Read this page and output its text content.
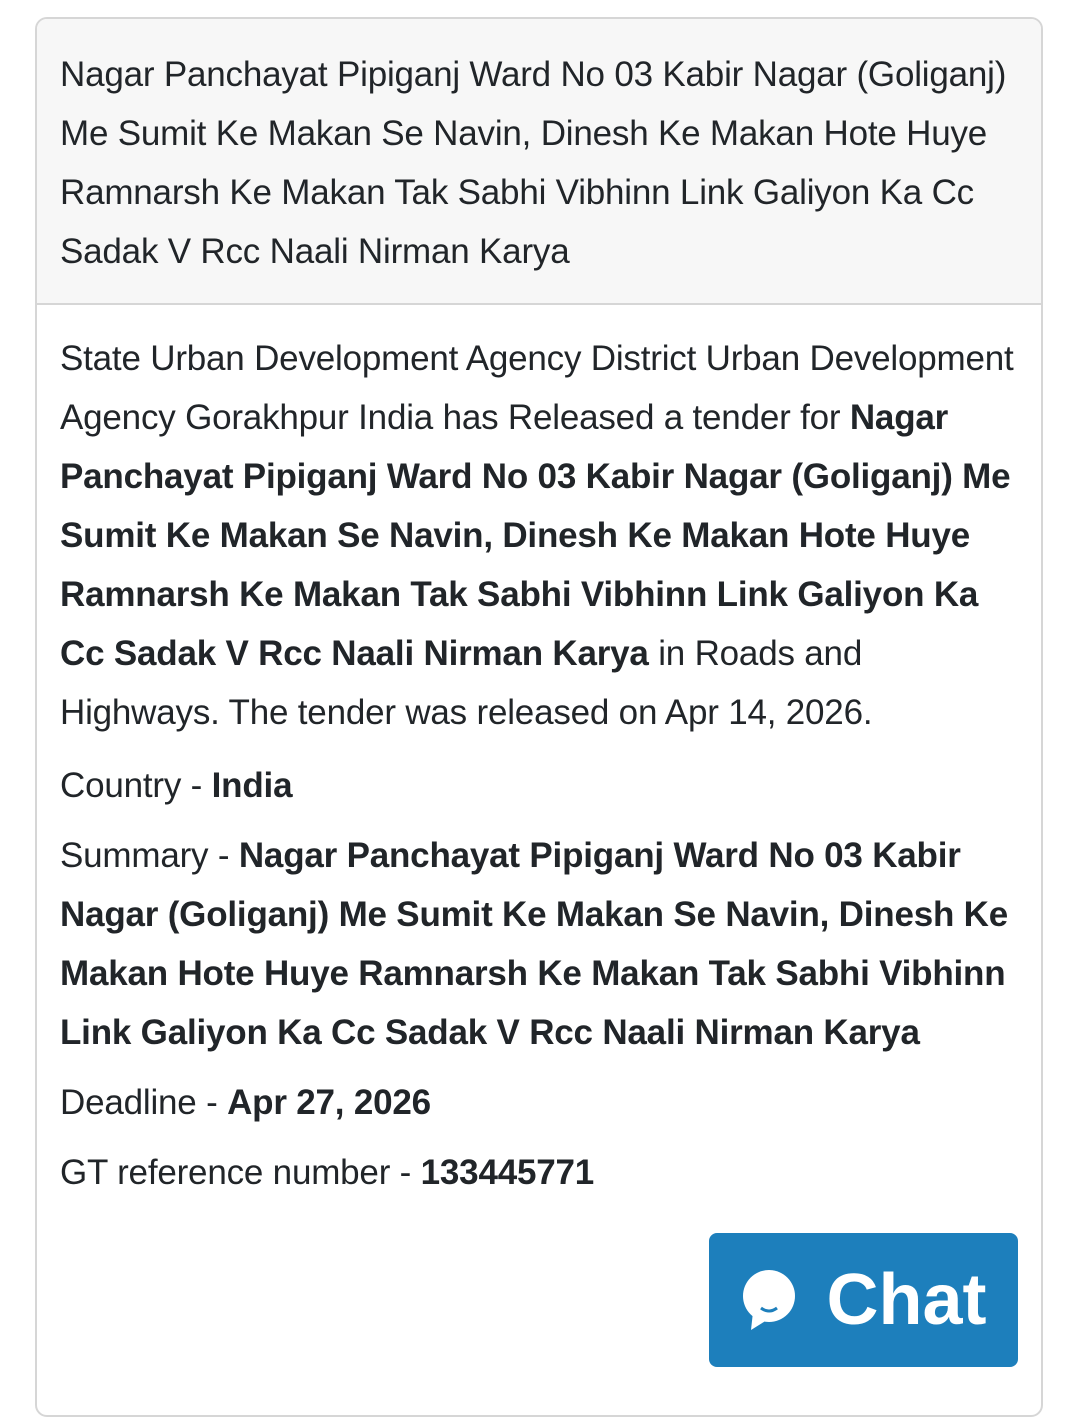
Nagar Panchayat Pipiganj Ward No 03 Kabir Nagar (Goliganj) Me Sumit Ke Makan Se Navin, Dinesh Ke Makan Hote Huye Ramnarsh Ke Makan Tak Sabhi Vibhinn Link Galiyon Ka Cc Sadak V Rcc Naali Nirman Karya

State Urban Development Agency District Urban Development Agency Gorakhpur India has Released a tender for Nagar Panchayat Pipiganj Ward No 03 Kabir Nagar (Goliganj) Me Sumit Ke Makan Se Navin, Dinesh Ke Makan Hote Huye Ramnarsh Ke Makan Tak Sabhi Vibhinn Link Galiyon Ka Cc Sadak V Rcc Naali Nirman Karya in Roads and Highways. The tender was released on Apr 14, 2026.

Country - India

Summary - Nagar Panchayat Pipiganj Ward No 03 Kabir Nagar (Goliganj) Me Sumit Ke Makan Se Navin, Dinesh Ke Makan Hote Huye Ramnarsh Ke Makan Tak Sabhi Vibhinn Link Galiyon Ka Cc Sadak V Rcc Naali Nirman Karya

Deadline - Apr 27, 2026

GT reference number - 133445771

Chat
